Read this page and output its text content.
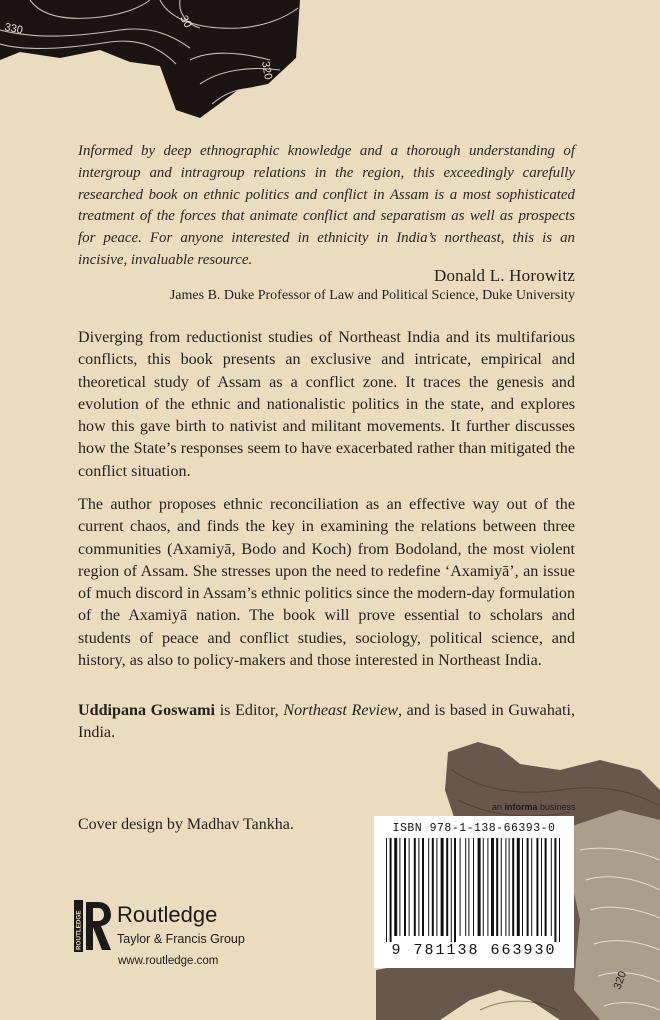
330	30
320
320
Informed by deep ethnographic knowledge and a thorough understanding of intergroup and intragroup relations in the region, this exceedingly carefully researched book on ethnic politics and conflict in Assam is a most sophisticated treatment of the forces that animate conflict and separatism as well as prospects for peace. For anyone interested in ethnicity in India’s northeast, this is an incisive, invaluable resource.
Donald L. Horowitz
James B. Duke Professor of Law and Political Science, Duke University
Diverging from reductionist studies of Northeast India and its multifarious conflicts, this book presents an exclusive and intricate, empirical and theoretical study of Assam as a conflict zone. It traces the genesis and evolution of the ethnic and nationalistic politics in the state, and explores how this gave birth to nativist and militant movements. It further discusses how the State’s responses seem to have exacerbated rather than mitigated the conflict situation.
The author proposes ethnic reconciliation as an effective way out of the current chaos, and finds the key in examining the relations between three communities (Axamiyā, Bodo and Koch) from Bodoland, the most violent region of Assam. She stresses upon the need to redefine ‘Axamiyā’, an issue of much discord in Assam’s ethnic politics since the modern-day formulation of the Axamiyā nation. The book will prove essential to scholars and students of peace and conflict studies, sociology, political science, and history, as also to policy-makers and those interested in Northeast India.
Uddipana Goswami is Editor, Northeast Review, and is based in Guwahati, India.
Cover design by Madhav Tankha.
ROUTLEDGE Routledge
Taylor & Francis Group
www.routledge.com
an informa business
ISBN 978-1-138-66393-0
9 781138 663930
